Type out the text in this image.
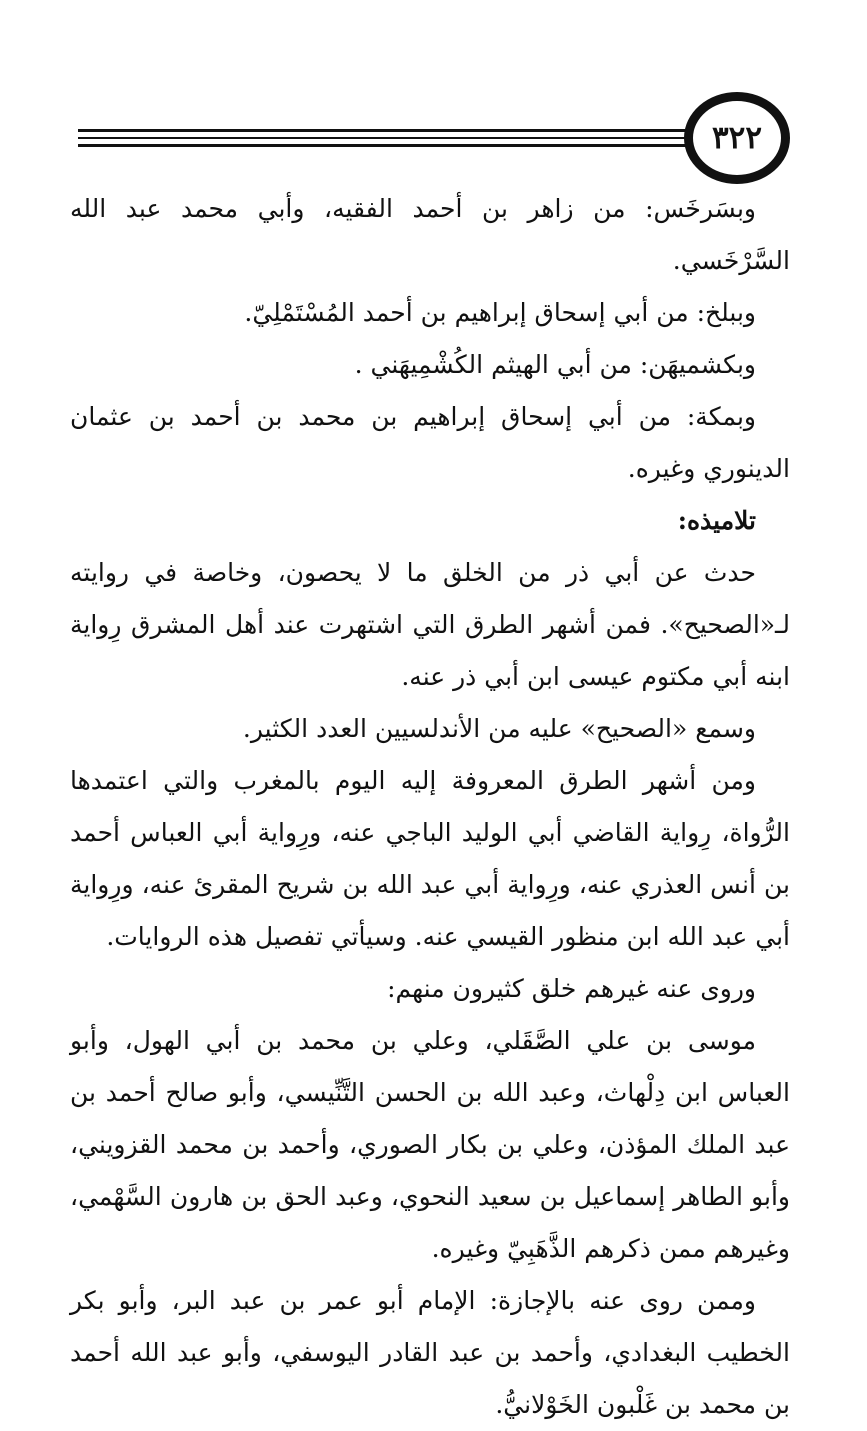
٣٢٢

وبسَرخَس: من زاهر بن أحمد الفقيه، وأبي محمد عبد الله السَّرْخَسي.

وببلخ: من أبي إسحاق إبراهيم بن أحمد المُسْتَمْلِيّ.

وبكشميهَن: من أبي الهيثم الكُشْمِيهَني .

وبمكة: من أبي إسحاق إبراهيم بن محمد بن أحمد بن عثمان الدينوري وغيره.

تلاميذه:

حدث عن أبي ذر من الخلق ما لا يحصون، وخاصة في روايته لـ«الصحيح». فمن أشهر الطرق التي اشتهرت عند أهل المشرق رِواية ابنه أبي مكتوم عيسى ابن أبي ذر عنه.

وسمع «الصحيح» عليه من الأندلسيين العدد الكثير.

ومن أشهر الطرق المعروفة إليه اليوم بالمغرب والتي اعتمدها الرُّواة، رِواية القاضي أبي الوليد الباجي عنه، ورِواية أبي العباس أحمد بن أنس العذري عنه، ورِواية أبي عبد الله بن شريح المقرئ عنه، ورِواية أبي عبد الله ابن منظور القيسي عنه. وسيأتي تفصيل هذه الروايات.

وروى عنه غيرهم خلق كثيرون منهم:

موسى بن علي الصَّقَلي، وعلي بن محمد بن أبي الهول، وأبو العباس ابن دِلْهاث، وعبد الله بن الحسن التَّنِّيسي، وأبو صالح أحمد بن عبد الملك المؤذن، وعلي بن بكار الصوري، وأحمد بن محمد القزويني، وأبو الطاهر إسماعيل بن سعيد النحوي، وعبد الحق بن هارون السَّهْمي، وغيرهم ممن ذكرهم الذَّهَبِيّ وغيره.

وممن روى عنه بالإجازة: الإمام أبو عمر بن عبد البر، وأبو بكر الخطيب البغدادي، وأحمد بن عبد القادر اليوسفي، وأبو عبد الله أحمد بن محمد بن غَلْبون الخَوْلانيُّ.
